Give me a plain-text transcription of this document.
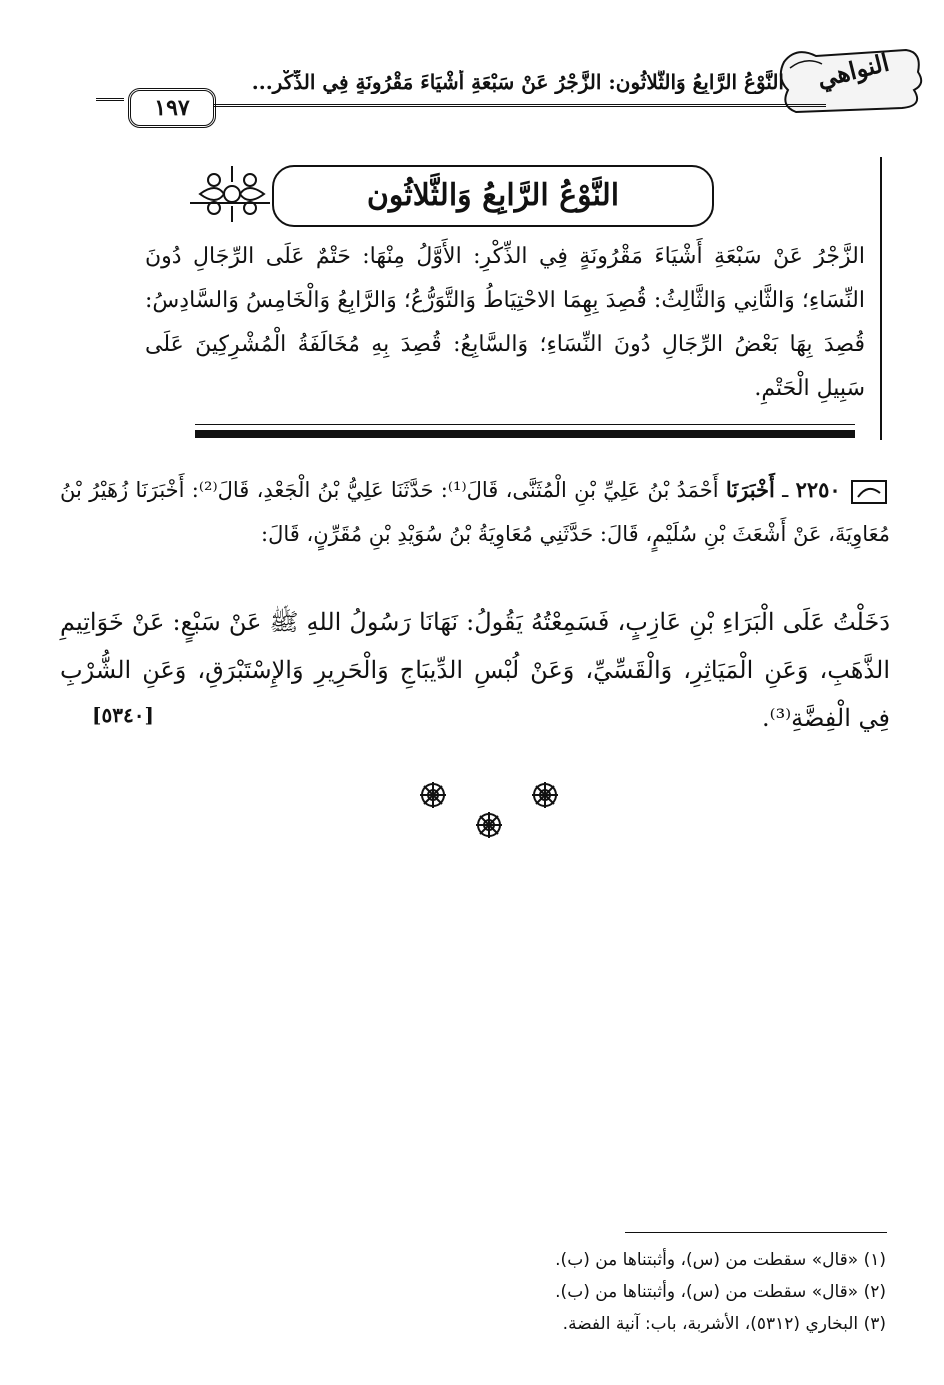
النواهي
النَّوْعُ الرَّابِعُ وَالثَّلاثُون: الزَّجْرُ عَنْ سَبْعَةِ أَشْيَاءَ مَقْرُونَةٍ فِي الذِّكْرِ...
١٩٧
النَّوْعُ الرَّابِعُ وَالثَّلاثُون
الزَّجْرُ عَنْ سَبْعَةِ أَشْيَاءَ مَقْرُونَةٍ فِي الذِّكْرِ: الأَوَّلُ مِنْهَا: حَتْمٌ عَلَى الرِّجَالِ دُونَ النِّسَاءِ؛ وَالثَّانِي وَالثَّالِثُ: قُصِدَ بِهِمَا الاحْتِيَاطُ وَالتَّوَرُّعُ؛ وَالرَّابِعُ وَالْخَامِسُ وَالسَّادِسُ: قُصِدَ بِهَا بَعْضُ الرِّجَالِ دُونَ النِّسَاءِ؛ وَالسَّابِعُ: قُصِدَ بِهِ مُخَالَفَةُ الْمُشْرِكِينَ عَلَى سَبِيلِ الْحَتْمِ.
٢٢٥٠ ـ أَخْبَرَنَا أَحْمَدُ بْنُ عَلِيِّ بْنِ الْمُثَنَّى، قَالَ⁽¹⁾: حَدَّثَنَا عَلِيُّ بْنُ الْجَعْدِ، قَالَ⁽²⁾: أَخْبَرَنَا زُهَيْرُ بْنُ مُعَاوِيَةَ، عَنْ أَشْعَثَ بْنِ سُلَيْمٍ، قَالَ: حَدَّثَنِي مُعَاوِيَةُ بْنُ سُوَيْدِ بْنِ مُقَرِّنٍ، قَالَ:
دَخَلْتُ عَلَى الْبَرَاءِ بْنِ عَازِبٍ، فَسَمِعْتُهُ يَقُولُ: نَهَانَا رَسُولُ اللهِ ﷺ عَنْ سَبْعٍ: عَنْ خَوَاتِيمِ الذَّهَبِ، وَعَنِ الْمَيَاثِرِ، وَالْقَسِّيِّ، وَعَنْ لُبْسِ الدِّيبَاجِ وَالْحَرِيرِ وَالإِسْتَبْرَقِ، وَعَنِ الشُّرْبِ فِي الْفِضَّةِ⁽³⁾.
[٥٣٤٠]
(١) «قال» سقطت من (س)، وأثبتناها من (ب).
(٢) «قال» سقطت من (س)، وأثبتناها من (ب).
(٣) البخاري (٥٣١٢)، الأشربة، باب: آنية الفضة.
